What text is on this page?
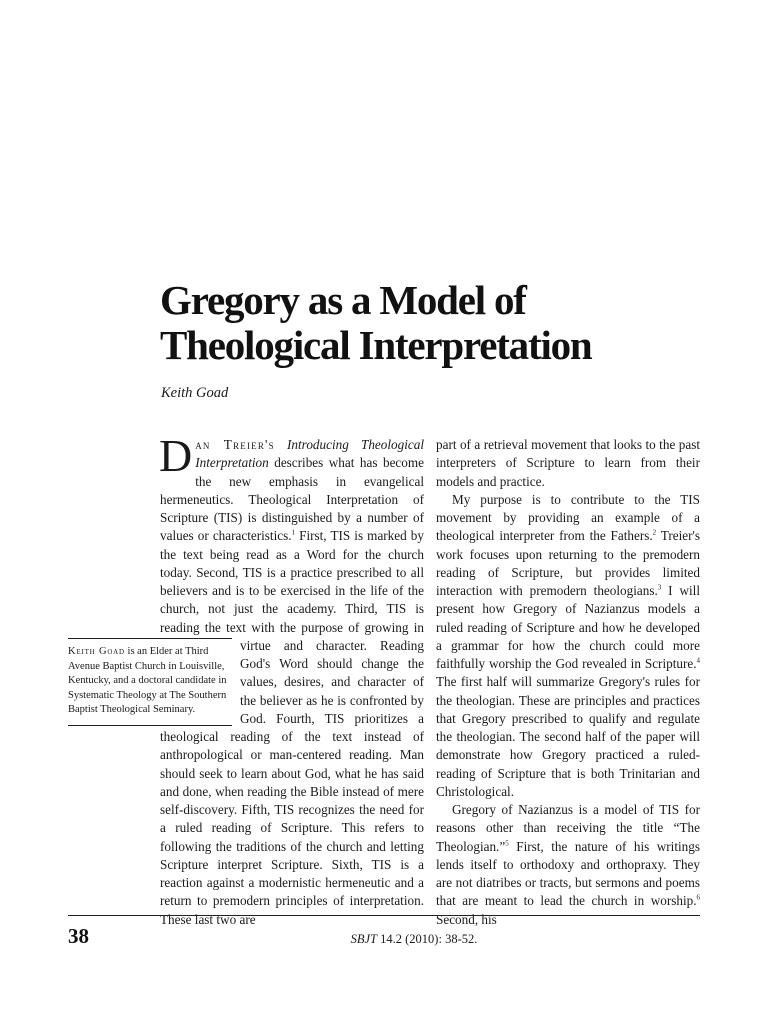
Gregory as a Model of
Theological Interpretation
Keith Goad

Dan Treier's Introducing Theological Interpretation describes what has become the new emphasis in evangelical hermeneutics. Theological Interpretation of Scripture (TIS) is distinguished by a number of values or characteristics.$^1$ First, TIS is marked by the text being read as a Word for the church today. Second, TIS is a practice prescribed to all believers and is to be exercised in the life of the church, not just the academy. Third, TIS is reading the text with the purpose of growing in virtue
and character. Reading God's Word should change the values, desires, and character of the believer as he is confronted by God. Fourth, TIS prioritizes a theological reading of the text instead of anthropological or man-centered reading. Man should seek to learn about God, what he has said and done, when reading the Bible instead of mere self-discovery. Fifth, TIS recognizes the need for a ruled reading of Scripture. This refers to following the traditions of the church and letting Scripture interpret Scripture. Sixth, TIS is a reaction against a modernistic hermeneutic and a return to premodern principles of interpretation. These last two are

Keith Goad is an Elder at Third Avenue Baptist Church in Louisville, Kentucky, and a doctoral candidate in Systematic Theology at The Southern Baptist Theological Seminary.

part of a retrieval movement that looks to the past interpreters of Scripture to learn from their models and practice.

My purpose is to contribute to the TIS movement by providing an example of a theological interpreter from the Fathers.$^2$ Treier's work focuses upon returning to the premodern reading of Scripture, but provides limited interaction with premodern theologians.$^3$ I will present how Gregory of Nazianzus models a ruled reading of Scripture and how he developed a grammar for how the church could more faithfully worship the God revealed in Scripture.$^4$ The first half will summarize Gregory's rules for the theologian. These are principles and practices that Gregory prescribed to qualify and regulate the theologian. The second half of the paper will demonstrate how Gregory practiced a ruled-reading of Scripture that is both Trinitarian and Christological.

Gregory of Nazianzus is a model of TIS for reasons other than receiving the title “The Theologian.”$^5$ First, the nature of his writings lends itself to orthodoxy and orthopraxy. They are not diatribes or tracts, but sermons and poems that are meant to lead the church in worship.$^6$ Second, his

38	SBJT 14.2 (2010): 38-52.
